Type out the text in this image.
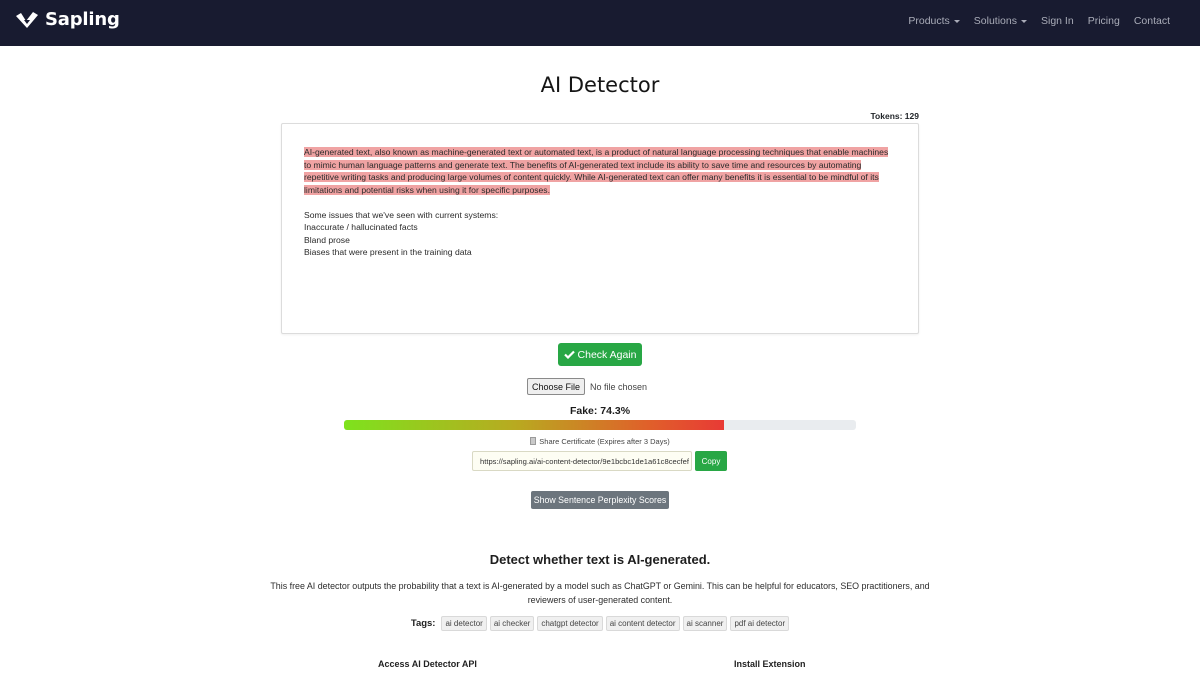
Sapling	Products Solutions Sign In Pricing Contact
AI Detector
Tokens: 129
AI-generated text, also known as machine-generated text or automated text, is a product of natural language processing techniques that enable machines to mimic human language patterns and generate text. The benefits of AI-generated text include its ability to save time and resources by automating repetitive writing tasks and producing large volumes of content quickly. While AI-generated text can offer many benefits it is essential to be mindful of its limitations and potential risks when using it for specific purposes.
Some issues that we've seen with current systems:
Inaccurate / hallucinated facts
Bland prose
Biases that were present in the training data
Check Again
Choose File	No file chosen
Fake: 74.3%
Share Certificate (Expires after 3 Days)
https://sapling.ai/ai-content-detector/9e1bcbc1de1a61c8cecfef	Copy
Show Sentence Perplexity Scores
Detect whether text is AI-generated.

This free AI detector outputs the probability that a text is AI-generated by a model such as ChatGPT or Gemini. This can be helpful for educators, SEO practitioners, and reviewers of user-generated content.

Tags:	ai detector	ai checker	chatgpt detector	ai content detector	ai scanner	pdf ai detector
Access AI Detector API	Install Extension
